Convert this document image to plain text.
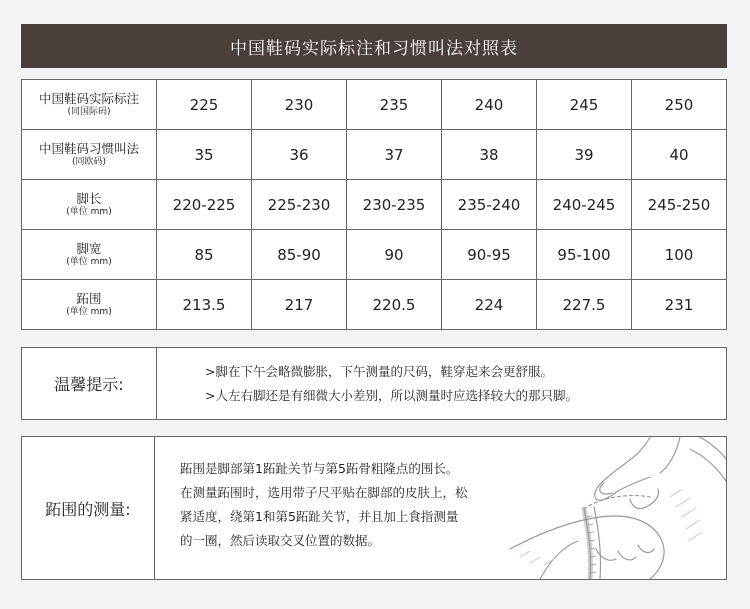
中国鞋码实际标注和习惯叫法对照表
中国鞋码实际标注
(同国际码)	225	230	235	240	245	250

中国鞋码习惯叫法
(同欧码)	35	36	37	38	39	40

脚长
(单位 mm)	220-225	225-230	230-235	235-240	240-245	245-250

脚宽
(单位 mm)	85	85-90	90	90-95	95-100	100

跖围
(单位 mm)	213.5	217	220.5	224	227.5	231
温馨提示:
>脚在下午会略微膨胀，下午测量的尺码，鞋穿起来会更舒服。
>人左右脚还是有细微大小差别，所以测量时应选择较大的那只脚。
跖围的测量:
跖围是脚部第1跖趾关节与第5跖骨粗隆点的围长。
在测量跖围时，选用带子尺平贴在脚部的皮肤上，松
紧适度，绕第1和第5跖趾关节，并且加上食指测量
的一圈，然后读取交叉位置的数据。
